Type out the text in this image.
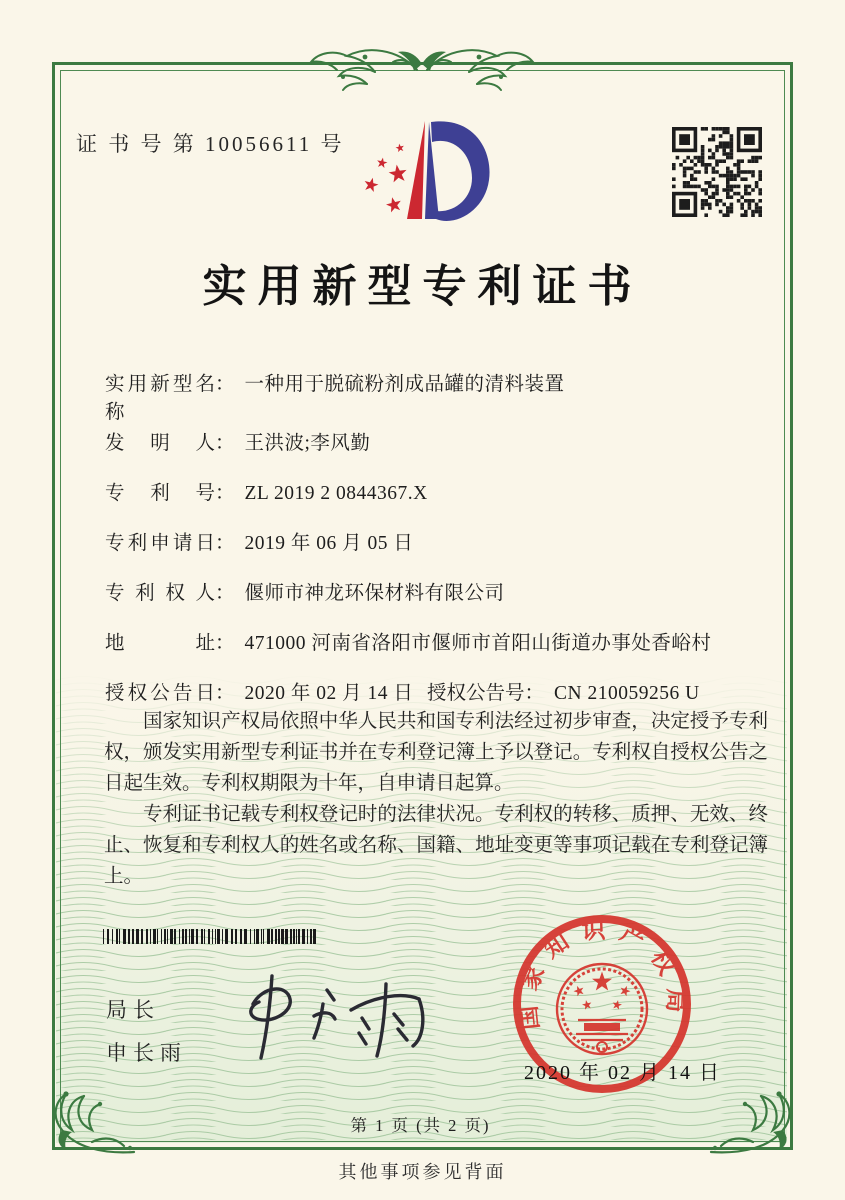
证 书 号 第 10056611 号
实用新型专利证书
实用新型名称
： 一种用于脱硫粉剂成品罐的清料装置
发明人 ： 王洪波;李风勤
专利号 ： ZL 2019 2 0844367.X
专利申请日 ： 2019 年 06 月 05 日
专利权人 ： 偃师市神龙环保材料有限公司
地址 ： 471000 河南省洛阳市偃师市首阳山街道办事处香峪村
授权公告日 ： 2020 年 02 月 14 日 授权公告号 ： CN 210059256 U

国家知识产权局依照中华人民共和国专利法经过初步审查，决定授予专利权，颁发实用新型专利证书并在专利登记簿上予以登记。专利权自授权公告之日起生效。专利权期限为十年，自申请日起算。

专利证书记载专利权登记时的法律状况。专利权的转移、质押、无效、终止、恢复和专利权人的姓名或名称、国籍、地址变更等事项记载在专利登记簿上。

局长
申长雨
国家知识产权局
2020 年 02 月 14 日
第 1 页 (共 2 页)
其他事项参见背面
